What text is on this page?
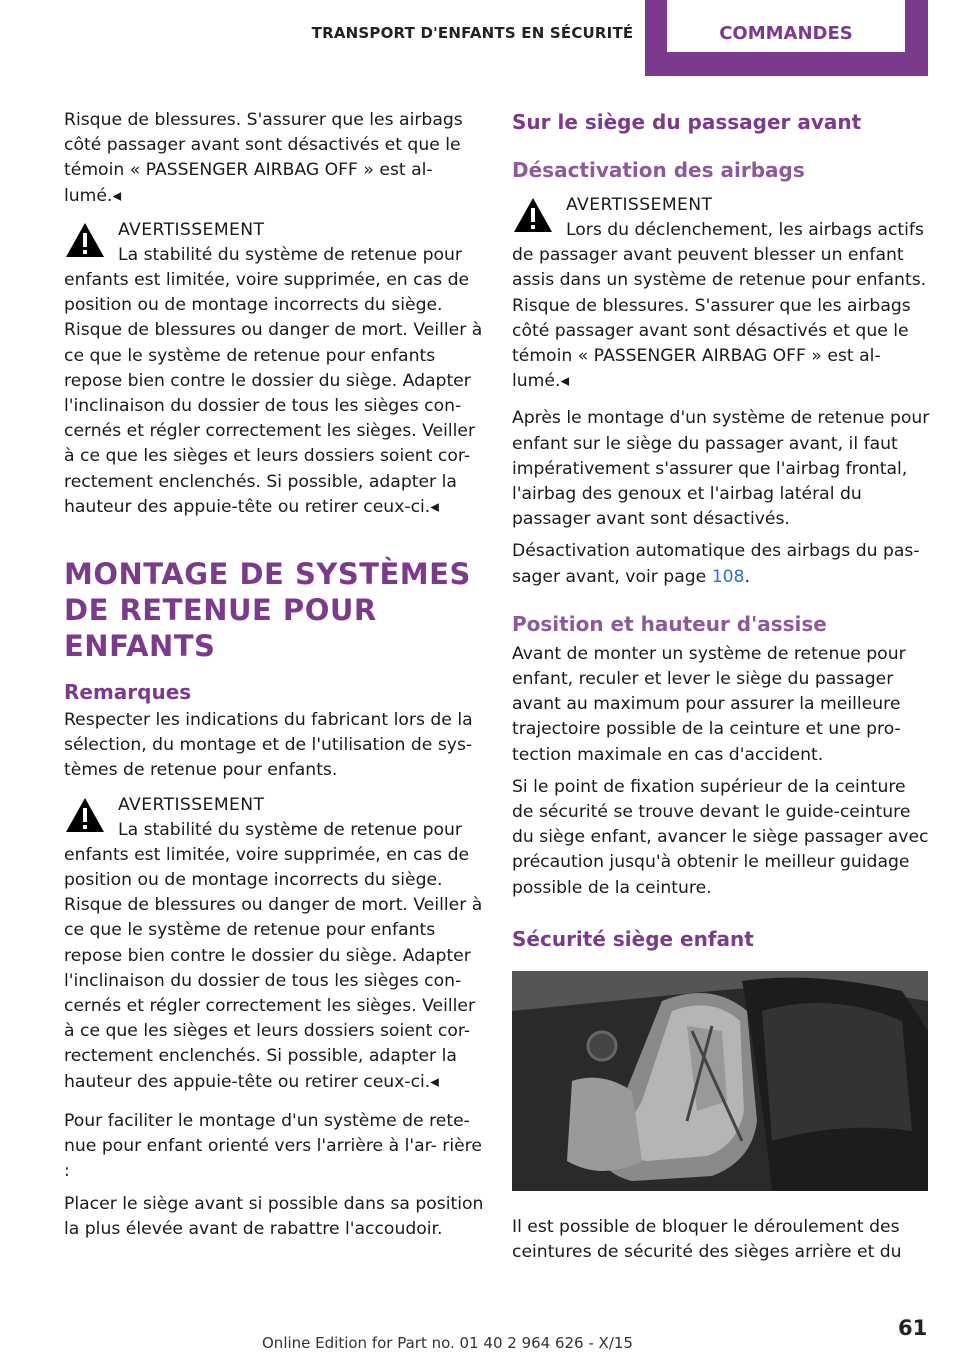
TRANSPORT D'ENFANTS EN SÉCURITÉ	COMMANDES

Risque de blessures. S'assurer que les airbags côté passager avant sont désactivés et que le témoin « PASSENGER AIRBAG OFF » est al- lumé.◂

AVERTISSEMENT
La stabilité du système de retenue pour enfants est limitée, voire supprimée, en cas de position ou de montage incorrects du siège. Risque de blessures ou danger de mort. Veiller à ce que le système de retenue pour enfants repose bien contre le dossier du siège. Adapter l'inclinaison du dossier de tous les sièges con- cernés et régler correctement les sièges. Veiller à ce que les sièges et leurs dossiers soient cor- rectement enclenchés. Si possible, adapter la hauteur des appuie-tête ou retirer ceux-ci.◂
MONTAGE DE SYSTÈMES DE RETENUE POUR ENFANTS
Remarques

Respecter les indications du fabricant lors de la sélection, du montage et de l'utilisation de sys- tèmes de retenue pour enfants.

AVERTISSEMENT
La stabilité du système de retenue pour enfants est limitée, voire supprimée, en cas de position ou de montage incorrects du siège. Risque de blessures ou danger de mort. Veiller à ce que le système de retenue pour enfants repose bien contre le dossier du siège. Adapter l'inclinaison du dossier de tous les sièges con- cernés et régler correctement les sièges. Veiller à ce que les sièges et leurs dossiers soient cor- rectement enclenchés. Si possible, adapter la hauteur des appuie-tête ou retirer ceux-ci.◂

Pour faciliter le montage d'un système de rete- nue pour enfant orienté vers l'arrière à l'ar- rière :

Placer le siège avant si possible dans sa position la plus élevée avant de rabattre l'accoudoir.

Sur le siège du passager avant
Désactivation des airbags
AVERTISSEMENT
Lors du déclenchement, les airbags actifs de passager avant peuvent blesser un enfant assis dans un système de retenue pour enfants. Risque de blessures. S'assurer que les airbags côté passager avant sont désactivés et que le témoin « PASSENGER AIRBAG OFF » est al- lumé.◂

Après le montage d'un système de retenue pour enfant sur le siège du passager avant, il faut impérativement s'assurer que l'airbag frontal, l'airbag des genoux et l'airbag latéral du passager avant sont désactivés.

Désactivation automatique des airbags du pas- sager avant, voir page 108.

Position et hauteur d'assise

Avant de monter un système de retenue pour enfant, reculer et lever le siège du passager avant au maximum pour assurer la meilleure trajectoire possible de la ceinture et une pro- tection maximale en cas d'accident.

Si le point de fixation supérieur de la ceinture de sécurité se trouve devant le guide-ceinture du siège enfant, avancer le siège passager avec précaution jusqu'à obtenir le meilleur guidage possible de la ceinture.

Sécurité siège enfant

Il est possible de bloquer le déroulement des ceintures de sécurité des sièges arrière et du

Online Edition for Part no. 01 40 2 964 626 - X/15
61
